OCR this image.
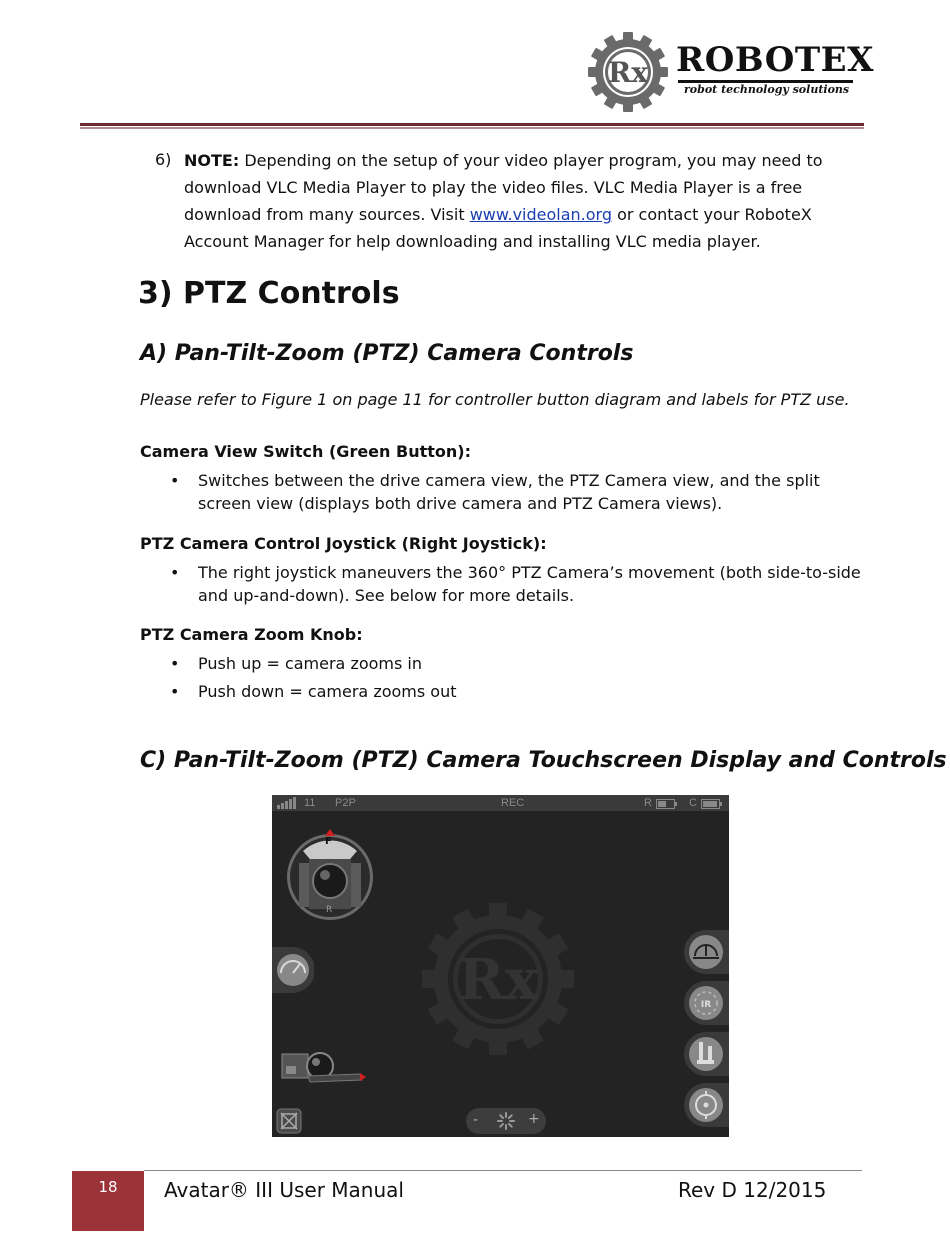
Rx ROBOTEX
robot technology solutions
6) NOTE: Depending on the setup of your video player program, you may need to download VLC Media Player to play the video files. VLC Media Player is a free download from many sources. Visit www.videolan.org or contact your RoboteX Account Manager for help downloading and installing VLC media player.
3) PTZ Controls
A) Pan-Tilt-Zoom (PTZ) Camera Controls
Please refer to Figure 1 on page 11 for controller button diagram and labels for PTZ use.
Camera View Switch (Green Button):
• Switches between the drive camera view, the PTZ Camera view, and the split screen view (displays both drive camera and PTZ Camera views).
PTZ Camera Control Joystick (Right Joystick):
• The right joystick maneuvers the 360° PTZ Camera’s movement (both side-to-side and up-and-down). See below for more details.
PTZ Camera Zoom Knob:
• Push up = camera zooms in
• Push down = camera zooms out
C) Pan-Tilt-Zoom (PTZ) Camera Touchscreen Display and Controls
11 P2P	REC	R	C
Rx
F
R
-	+
IR
18	Avatar® III User Manual	Rev D 12/2015
